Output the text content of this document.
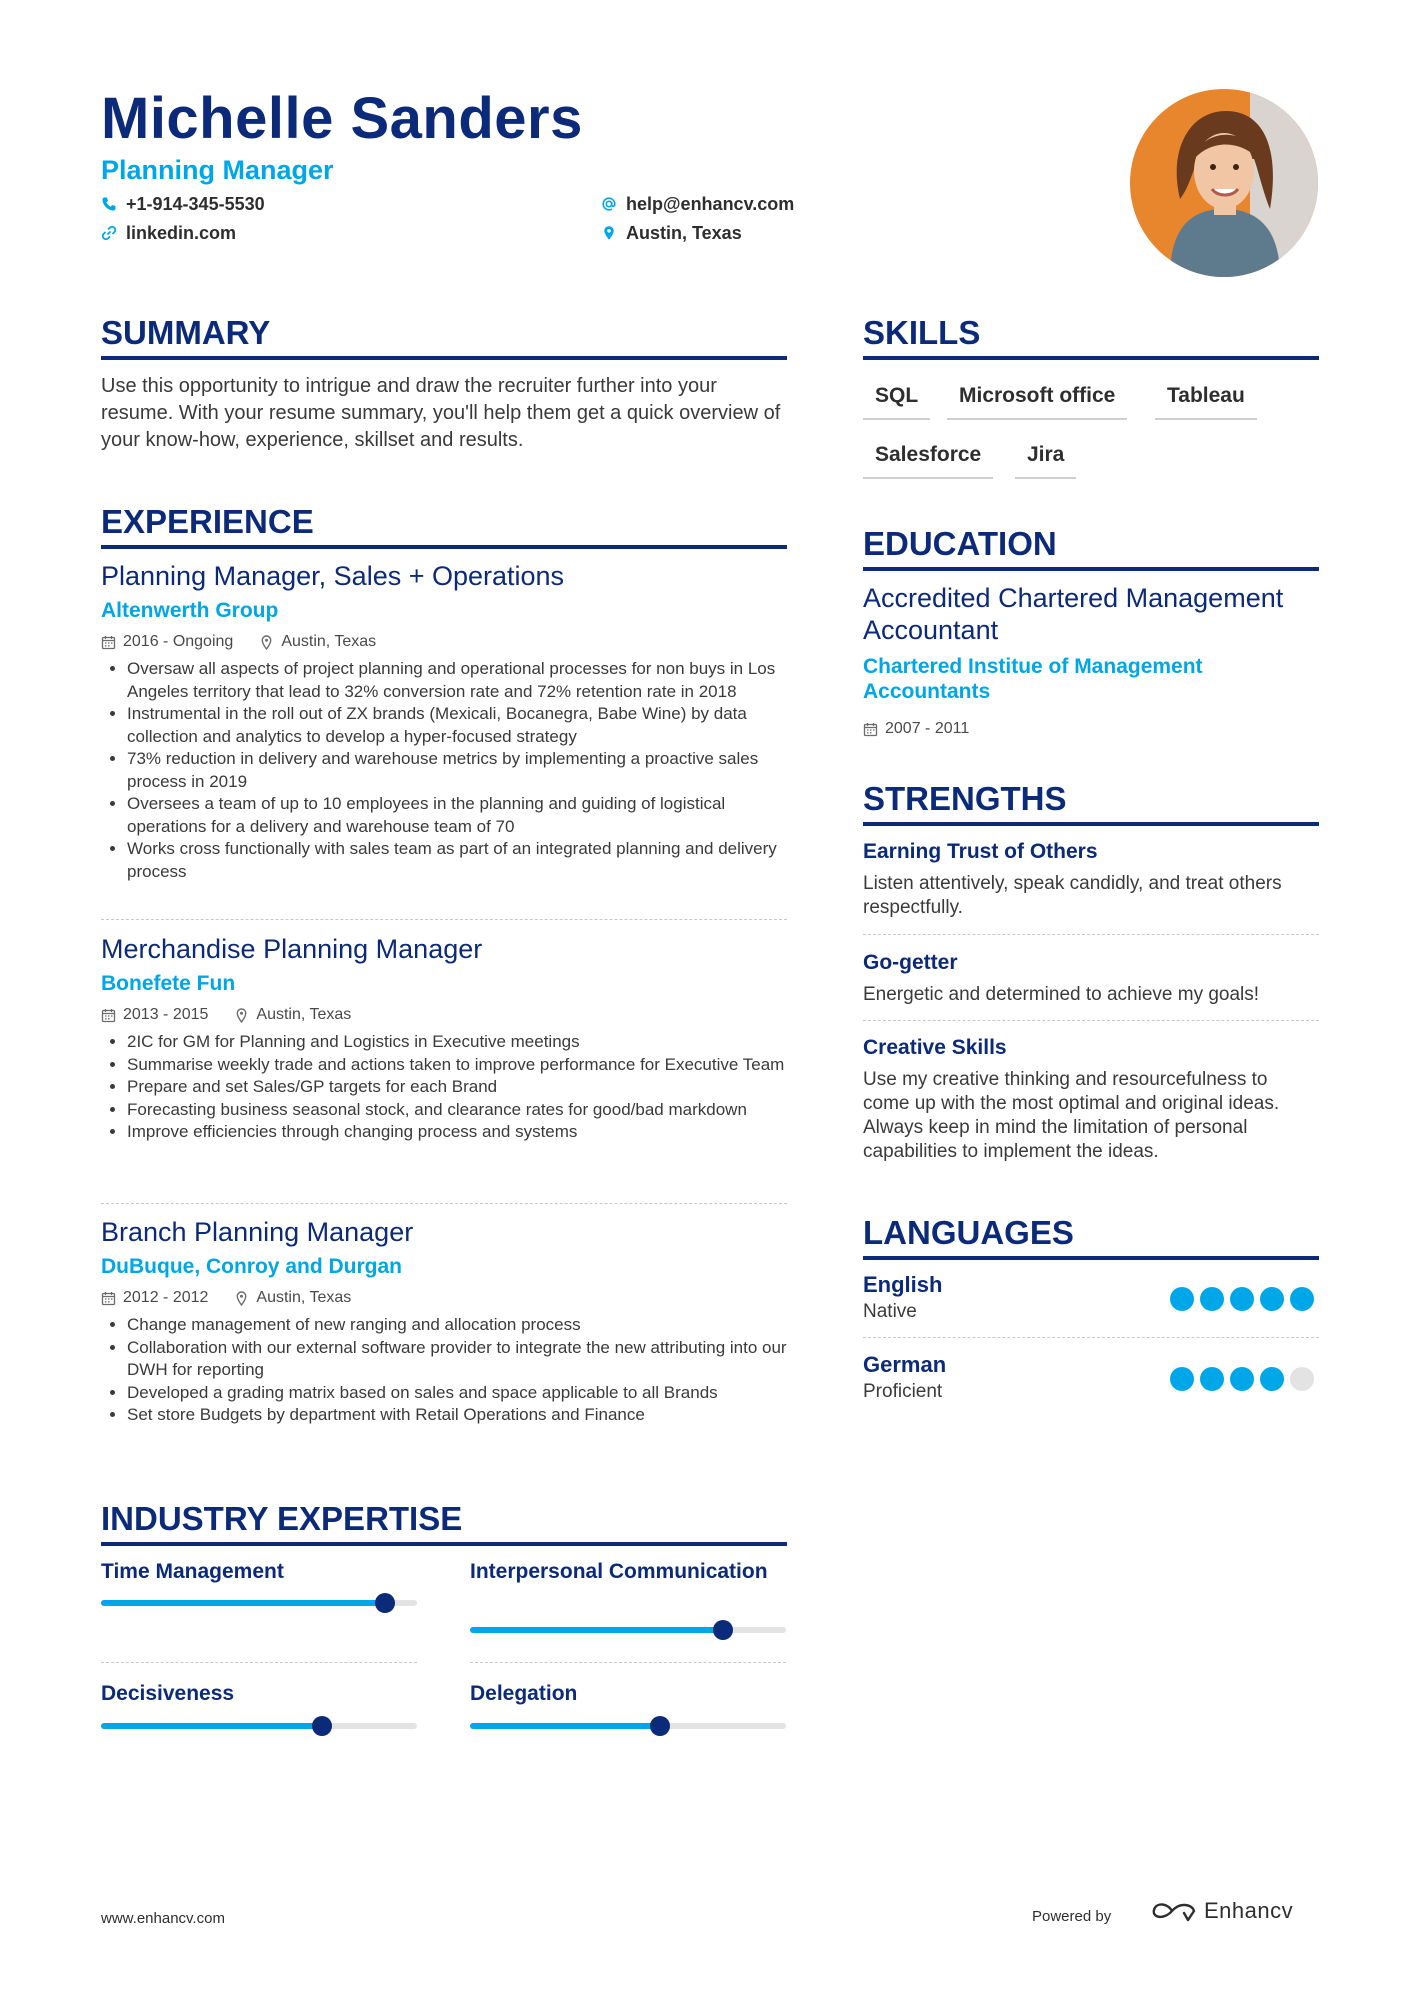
Michelle Sanders
Planning Manager
+1-914-345-5530
linkedin.com
help@enhancv.com
Austin, Texas
SUMMARY
Use this opportunity to intrigue and draw the recruiter further into your resume. With your resume summary, you'll help them get a quick overview of your know-how, experience, skillset and results.
EXPERIENCE
Planning Manager, Sales + Operations
Altenwerth Group
2016 - Ongoing	Austin, Texas
• Oversaw all aspects of project planning and operational processes for non buys in Los Angeles territory that lead to 32% conversion rate and 72% retention rate in 2018
• Instrumental in the roll out of ZX brands (Mexicali, Bocanegra, Babe Wine) by data collection and analytics to develop a hyper-focused strategy
• 73% reduction in delivery and warehouse metrics by implementing a proactive sales process in 2019
• Oversees a team of up to 10 employees in the planning and guiding of logistical operations for a delivery and warehouse team of 70
• Works cross functionally with sales team as part of an integrated planning and delivery process
Merchandise Planning Manager
Bonefete Fun
2013 - 2015	Austin, Texas
• 2IC for GM for Planning and Logistics in Executive meetings
• Summarise weekly trade and actions taken to improve performance for Executive Team
• Prepare and set Sales/GP targets for each Brand
• Forecasting business seasonal stock, and clearance rates for good/bad markdown
• Improve efficiencies through changing process and systems
Branch Planning Manager
DuBuque, Conroy and Durgan
2012 - 2012	Austin, Texas
• Change management of new ranging and allocation process
• Collaboration with our external software provider to integrate the new attributing into our DWH for reporting
• Developed a grading matrix based on sales and space applicable to all Brands
• Set store Budgets by department with Retail Operations and Finance
INDUSTRY EXPERTISE
Time Management	Interpersonal Communication
Decisiveness	Delegation
SKILLS
SQL	Microsoft office	Tableau
Salesforce	Jira
EDUCATION
Accredited Chartered Management Accountant
Chartered Institue of Management Accountants
2007 - 2011
STRENGTHS
Earning Trust of Others
Listen attentively, speak candidly, and treat others respectfully.
Go-getter
Energetic and determined to achieve my goals!
Creative Skills
Use my creative thinking and resourcefulness to come up with the most optimal and original ideas. Always keep in mind the limitation of personal capabilities to implement the ideas.
LANGUAGES
English
Native
German
Proficient
www.enhancv.com	Powered by	Enhancv
